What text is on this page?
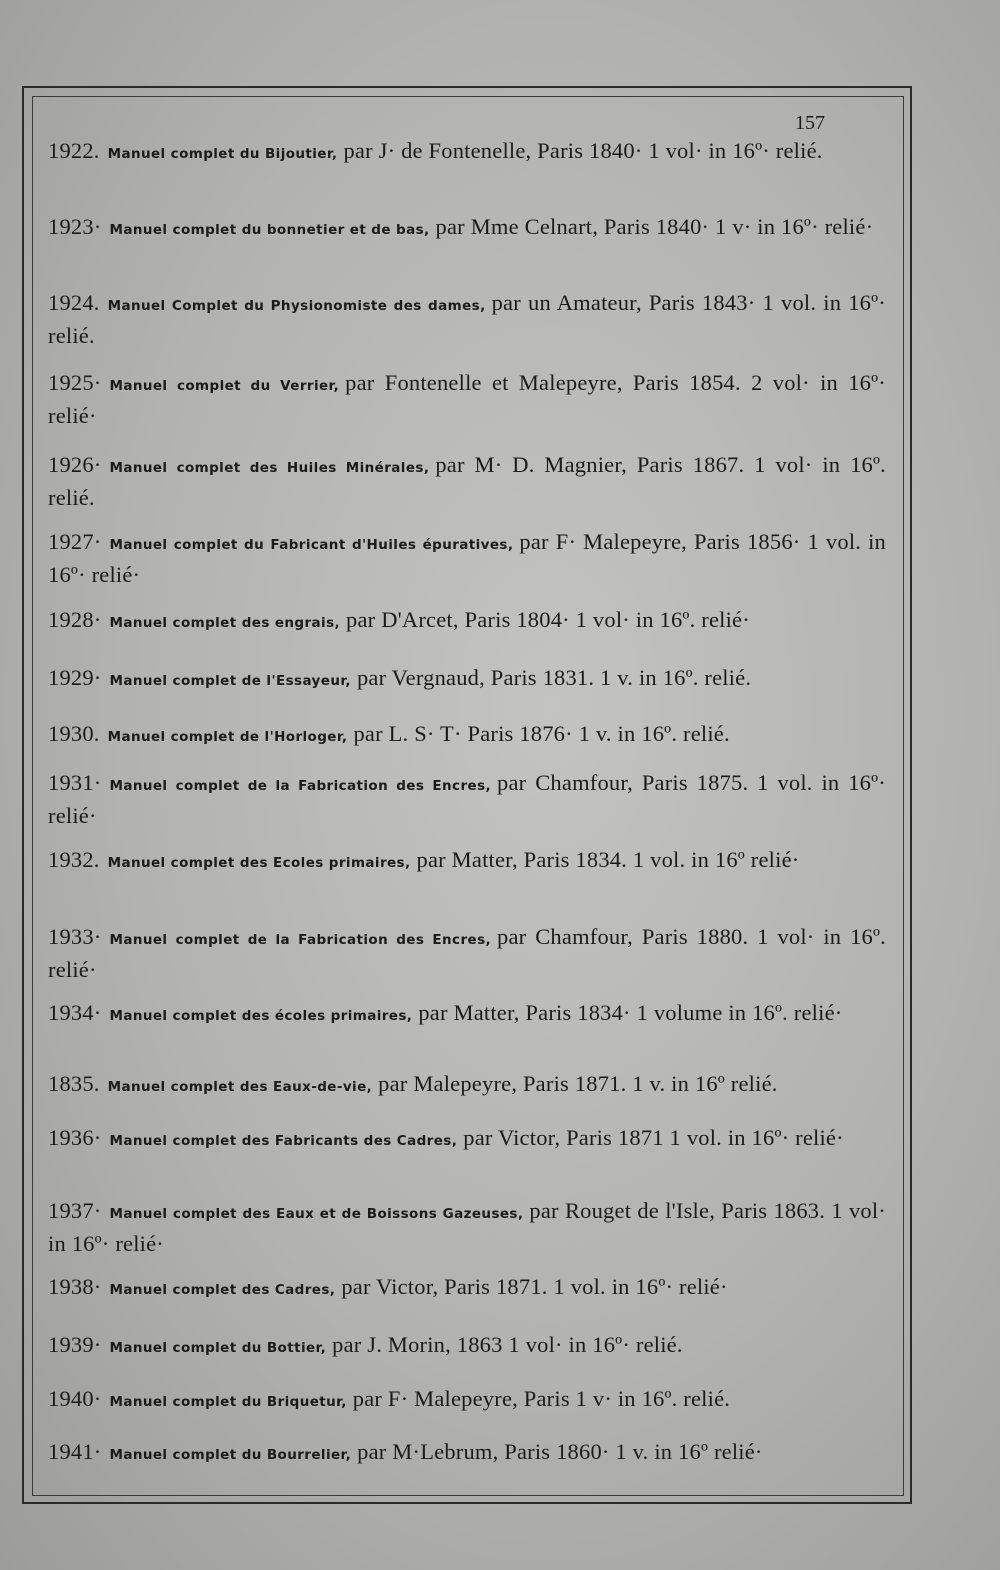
157
1922. Manuel complet du Bijoutier, par J· de Fontenelle, Paris 1840· 1 vol· in 16º· relié.
1923· Manuel complet du bonnetier et de bas, par Mme Celnart, Paris 1840· 1 v· in 16º· relié·
1924. Manuel Complet du Physionomiste des dames, par un Amateur, Paris 1843· 1 vol. in 16º· relié.
1925· Manuel complet du Verrier, par Fontenelle et Malepeyre, Paris 1854. 2 vol· in 16º· relié·
1926· Manuel complet des Huiles Minérales, par M· D. Magnier, Paris 1867. 1 vol· in 16º. relié.
1927· Manuel complet du Fabricant d'Huiles épuratives, par F· Malepeyre, Paris 1856· 1 vol. in 16º· relié·
1928· Manuel complet des engrais, par D'Arcet, Paris 1804· 1 vol· in 16º. relié·
1929· Manuel complet de l'Essayeur, par Vergnaud, Paris 1831. 1 v. in 16º. relié.
1930. Manuel complet de l'Horloger, par L. S· T· Paris 1876· 1 v. in 16º. relié.
1931· Manuel complet de la Fabrication des Encres, par Chamfour, Paris 1875. 1 vol. in 16º· relié·
1932. Manuel complet des Ecoles primaires, par Matter, Paris 1834. 1 vol. in 16º relié·
1933· Manuel complet de la Fabrication des Encres, par Chamfour, Paris 1880. 1 vol· in 16º. relié·
1934· Manuel complet des écoles primaires, par Matter, Paris 1834· 1 volume in 16º. relié·
1835. Manuel complet des Eaux-de-vie, par Malepeyre, Paris 1871. 1 v. in 16º relié.
1936· Manuel complet des Fabricants des Cadres, par Victor, Paris 1871 1 vol. in 16º· relié·
1937· Manuel complet des Eaux et de Boissons Gazeuses, par Rouget de l'Isle, Paris 1863. 1 vol· in 16º· relié·
1938· Manuel complet des Cadres, par Victor, Paris 1871. 1 vol. in 16º· relié·
1939· Manuel complet du Bottier, par J. Morin, 1863 1 vol· in 16º· relié.
1940· Manuel complet du Briquetur, par F· Malepeyre, Paris 1 v· in 16º. relié.
1941· Manuel complet du Bourrelier, par M·Lebrum, Paris 1860· 1 v. in 16º relié·
